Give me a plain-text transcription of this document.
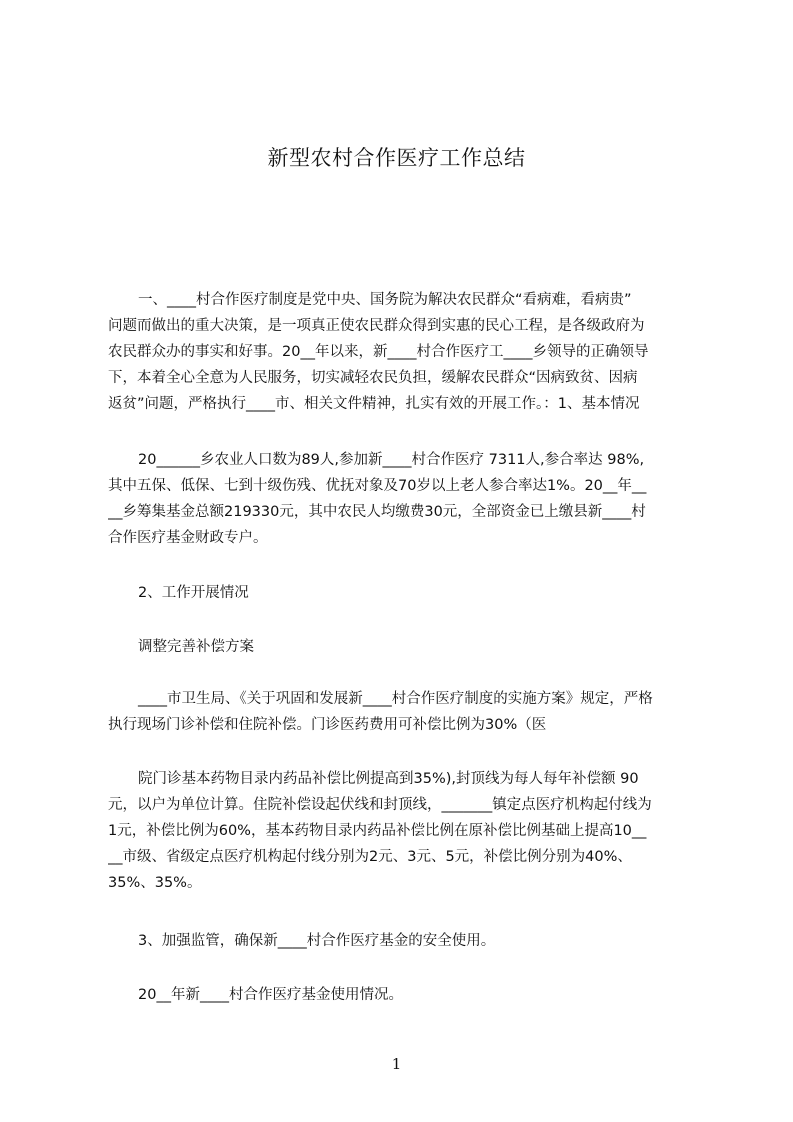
新型农村合作医疗工作总结
一、____村合作医疗制度是党中央、国务院为解决农民群众“看病难，看病贵”
问题而做出的重大决策，是一项真正使农民群众得到实惠的民心工程，是各级政府为
农民群众办的事实和好事。20__年以来，新____村合作医疗工____乡领导的正确领导
下，本着全心全意为人民服务，切实减轻农民负担，缓解农民群众“因病致贫、因病
返贫”问题，严格执行____市、相关文件精神，扎实有效的开展工作。：1、基本情况
20______乡农业人口数为89人,参加新____村合作医疗 7311人,参合率达 98%,
其中五保、低保、七到十级伤残、优抚对象及70岁以上老人参合率达1%。20__年__
__乡筹集基金总额219330元，其中农民人均缴费30元，全部资金已上缴县新____村
合作医疗基金财政专户。
2、工作开展情况
调整完善补偿方案
____市卫生局、《关于巩固和发展新____村合作医疗制度的实施方案》规定，严格
执行现场门诊补偿和住院补偿。门诊医药费用可补偿比例为30%（医
院门诊基本药物目录内药品补偿比例提高到35%),封顶线为每人每年补偿额 90
元，以户为单位计算。住院补偿设起伏线和封顶线，_______镇定点医疗机构起付线为
1元，补偿比例为60%，基本药物目录内药品补偿比例在原补偿比例基础上提高10__
__市级、省级定点医疗机构起付线分别为2元、3元、5元，补偿比例分别为40%、
35%、35%。
3、加强监管，确保新____村合作医疗基金的安全使用。
20__年新____村合作医疗基金使用情况。
1
